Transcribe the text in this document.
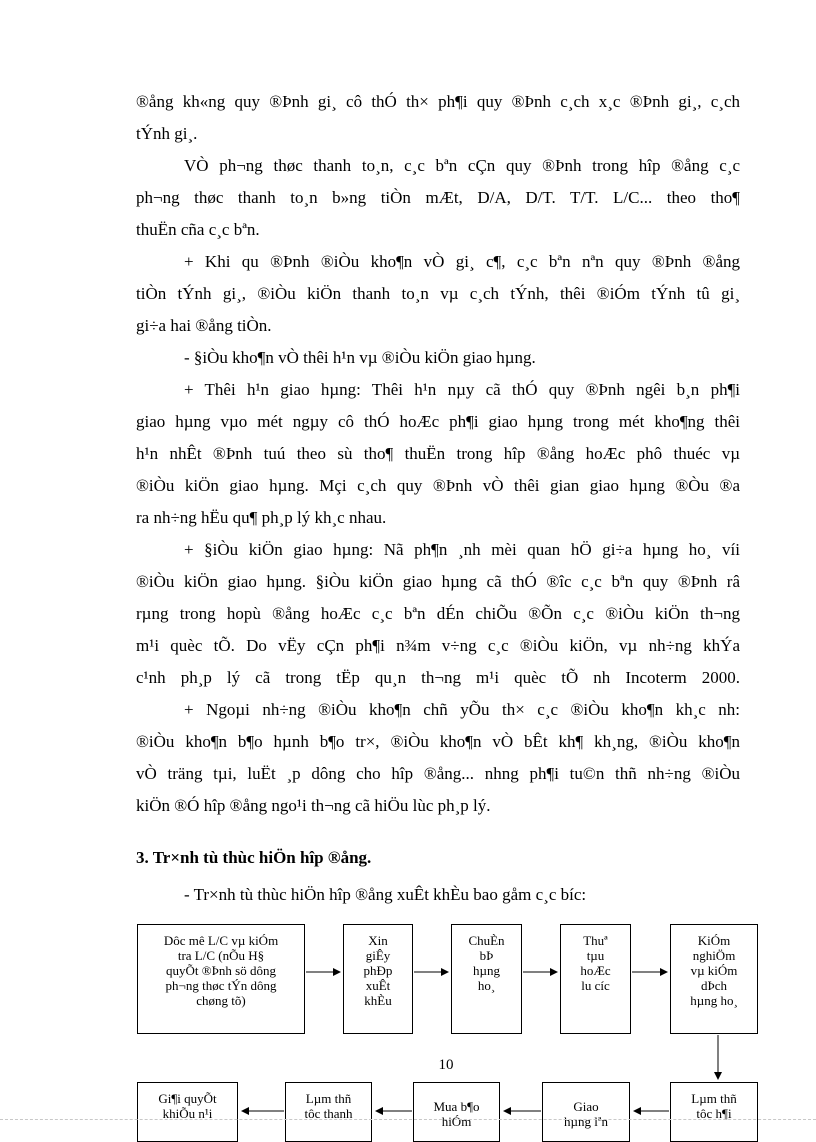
®ång kh«ng quy ®Þnh gi¸ cô thÓ th× ph¶i quy ®Þnh c¸ch x¸c ®Þnh gi¸, c¸ch
tÝnh gi¸.
VÒ ph¬ng thøc thanh to¸n, c¸c bªn cÇn quy ®Þnh trong hîp ®ång c¸c
ph¬ng thøc thanh to¸n b»ng tiÒn mÆt, D/A, D/T. T/T. L/C... theo tho¶
thuËn cña c¸c bªn.
+ Khi qu ®Þnh ®iÒu kho¶n vÒ gi¸ c¶, c¸c bªn nªn quy ®Þnh ®ång
tiÒn tÝnh gi¸, ®iÒu kiÖn thanh to¸n vµ c¸ch tÝnh, thêi ®iÓm tÝnh tû gi¸
gi÷a hai ®ång tiÒn.
- §iÒu kho¶n vÒ thêi h¹n vµ ®iÒu kiÖn giao hµng.
+ Thêi h¹n giao hµng: Thêi h¹n nµy cã thÓ quy ®Þnh ngêi b¸n ph¶i
giao hµng vµo mét ngµy cô thÓ hoÆc ph¶i giao hµng trong mét kho¶ng thêi
h¹n nhÊt ®Þnh tuú theo sù tho¶ thuËn trong hîp ®ång hoÆc phô thuéc vµ
®iÒu kiÖn giao hµng. Mçi c¸ch quy ®Þnh vÒ thêi gian giao hµng ®Òu ®a
ra nh÷ng hËu qu¶ ph¸p lý kh¸c nhau.
+ §iÒu kiÖn giao hµng: Nã ph¶n ¸nh mèi quan hÖ gi÷a hµng ho¸ víi
®iÒu kiÖn giao hµng. §iÒu kiÖn giao hµng cã thÓ ®îc c¸c bªn quy ®Þnh râ
rµng trong hopù ®ång hoÆc c¸c bªn dÉn chiÕu ®Õn c¸c ®iÒu kiÖn th¬ng
m¹i quèc tÕ. Do vËy cÇn ph¶i n¾m v÷ng c¸c ®iÒu kiÖn, vµ nh÷ng khÝa
c¹nh ph¸p lý cã trong tËp qu¸n th¬ng m¹i quèc tÕ nh Incoterm 2000.
+ Ngoµi nh÷ng ®iÒu kho¶n chñ yÕu th× c¸c ®iÒu kho¶n kh¸c nh:
®iÒu kho¶n b¶o hµnh b¶o tr×, ®iÒu kho¶n vÒ bÊt kh¶ kh¸ng, ®iÒu kho¶n
vÒ träng tµi, luËt ¸p dông cho hîp ®ång... nhng ph¶i tu©n thñ nh÷ng ®iÒu
kiÖn ®Ó hîp ®ång ngo¹i th¬ng cã hiÖu lùc ph¸p lý.
3. Tr×nh tù thùc hiÖn hîp ®ång.
- Tr×nh tù thùc hiÖn hîp ®ång xuÊt khÈu bao gåm c¸c bíc:
Dôc mê L/C vµ kiÓm
tra L/C (nÕu H§
quyÕt ®Þnh sö dông
ph¬ng thøc tÝn dông
chøng tõ)
Xin
giÊy
phÐp
xuÊt
khÈu
ChuÈn
bÞ
hµng
ho¸
Thuª
tµu
hoÆc
lu cíc
KiÓm
nghiÖm
vµ kiÓm
dÞch
hµng ho¸
Gi¶i quyÕt
khiÕu n¹i
Lµm thñ
tôc thanh	Mua b¶o
hiÓm
Giao
hµng lªn
Lµm thñ
tôc h¶i
10
